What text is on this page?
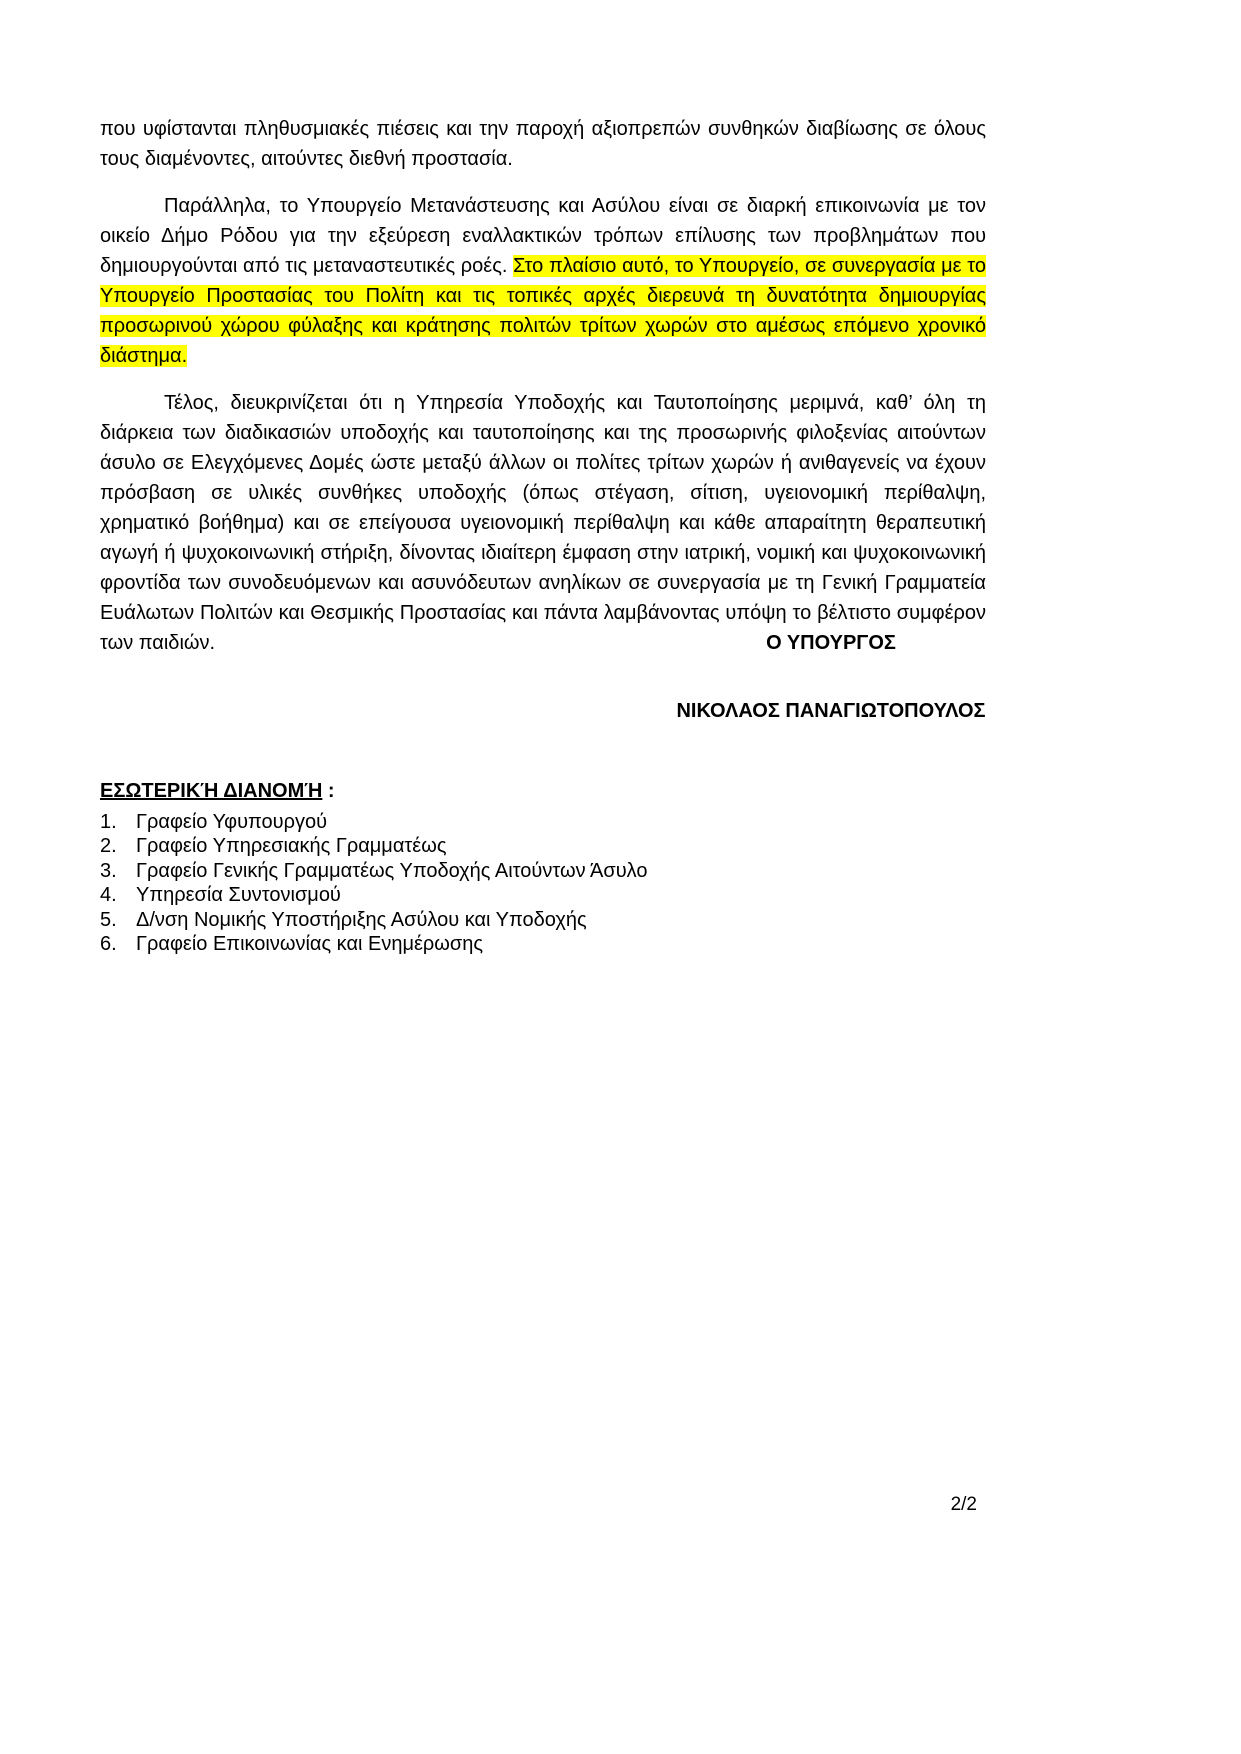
που υφίστανται πληθυσμιακές πιέσεις και την παροχή αξιοπρεπών συνθηκών διαβίωσης σε όλους τους διαμένοντες, αιτούντες διεθνή προστασία.

Παράλληλα, το Υπουργείο Μετανάστευσης και Ασύλου είναι σε διαρκή επικοινωνία με τον οικείο Δήμο Ρόδου για την εξεύρεση εναλλακτικών τρόπων επίλυσης των προβλημάτων που δημιουργούνται από τις μεταναστευτικές ροές. Στο πλαίσιο αυτό, το Υπουργείο, σε συνεργασία με το Υπουργείο Προστασίας του Πολίτη και τις τοπικές αρχές διερευνά τη δυνατότητα δημιουργίας προσωρινού χώρου φύλαξης και κράτησης πολιτών τρίτων χωρών στο αμέσως επόμενο χρονικό διάστημα.

Τέλος, διευκρινίζεται ότι η Υπηρεσία Υποδοχής και Ταυτοποίησης μεριμνά, καθ’ όλη τη διάρκεια των διαδικασιών υποδοχής και ταυτοποίησης και της προσωρινής φιλοξενίας αιτούντων άσυλο σε Ελεγχόμενες Δομές ώστε μεταξύ άλλων οι πολίτες τρίτων χωρών ή ανιθαγενείς να έχουν πρόσβαση σε υλικές συνθήκες υποδοχής (όπως στέγαση, σίτιση, υγειονομική περίθαλψη, χρηματικό βοήθημα) και σε επείγουσα υγειονομική περίθαλψη και κάθε απαραίτητη θεραπευτική αγωγή ή ψυχοκοινωνική στήριξη, δίνοντας ιδιαίτερη έμφαση στην ιατρική, νομική και ψυχοκοινωνική φροντίδα των συνοδευόμενων και ασυνόδευτων ανηλίκων σε συνεργασία με τη Γενική Γραμματεία Ευάλωτων Πολιτών και Θεσμικής Προστασίας και πάντα λαμβάνοντας υπόψη το βέλτιστο συμφέρον των παιδιών.	Ο ΥΠΟΥΡΓΟΣ
ΝΙΚΟΛΑΟΣ ΠΑΝΑΓΙΩΤΟΠΟΥΛΟΣ
ΕΣΩΤΕΡΙΚΉ ΔΙΑΝΟΜΉ :
1. Γραφείο Υφυπουργού
2. Γραφείο Υπηρεσιακής Γραμματέως
3. Γραφείο Γενικής Γραμματέως Υποδοχής Αιτούντων Άσυλο
4. Υπηρεσία Συντονισμού
5. Δ/νση Νομικής Υποστήριξης Ασύλου και Υποδοχής
6. Γραφείο Επικοινωνίας και Ενημέρωσης
2/2
